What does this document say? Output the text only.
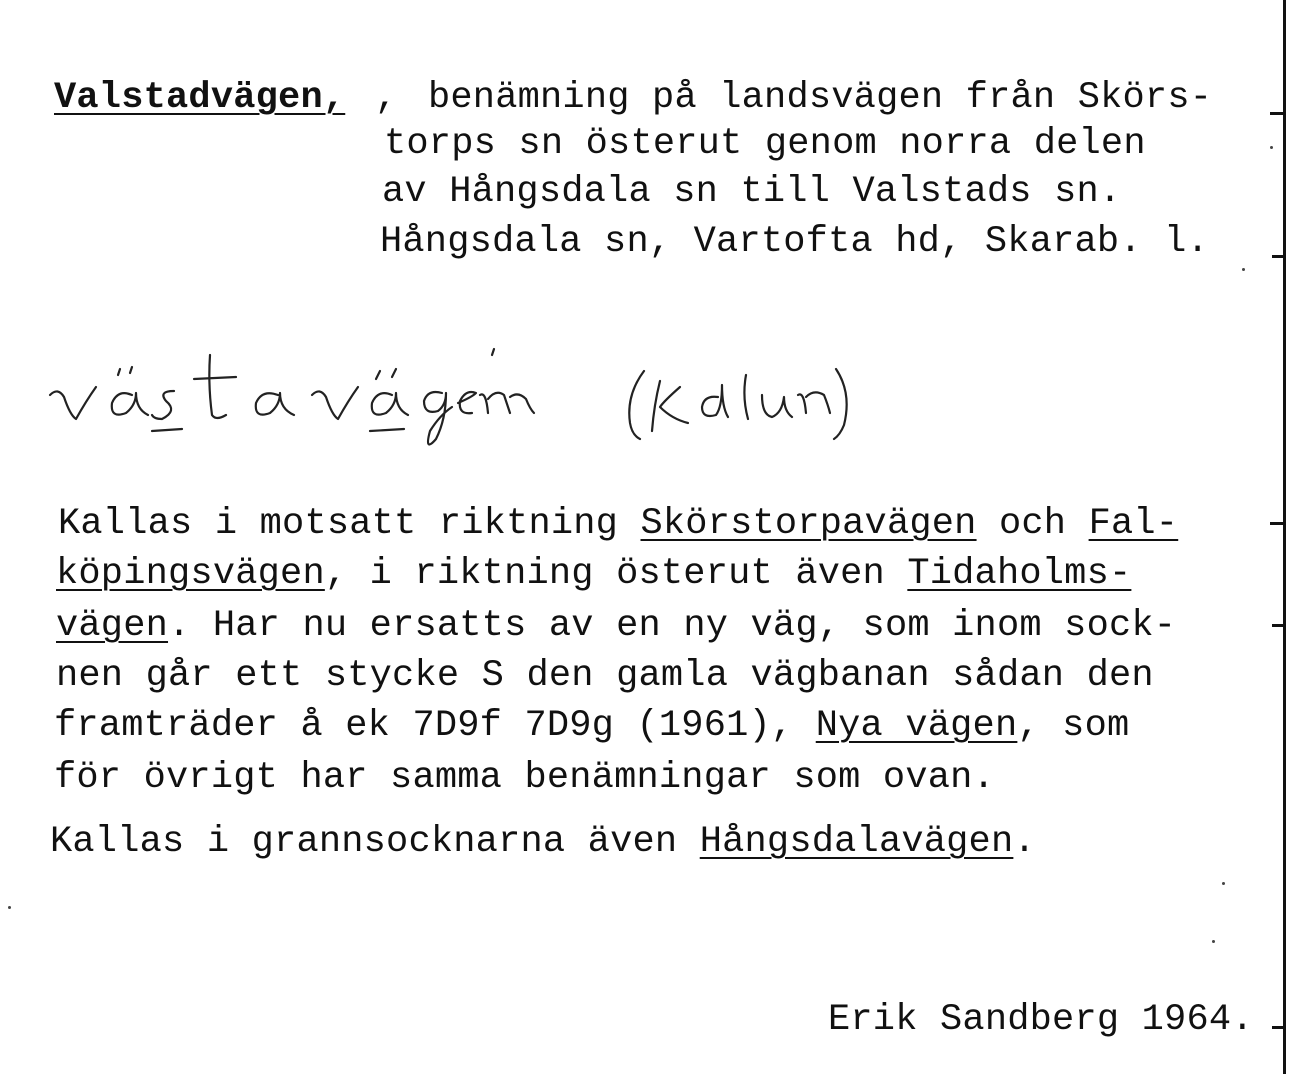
Valstadvägen, , benämning på landsvägen från Skörs-
torps sn österut genom norra delen
av Hångsdala sn till Valstads sn.
Hångsdala sn, Vartofta hd, Skarab. l.
Kallas i motsatt riktning Skörstorpavägen och Fal-
köpingsvägen, i riktning österut även Tidaholms-
vägen. Har nu ersatts av en ny väg, som inom sock-
nen går ett stycke S den gamla vägbanan sådan den
framträder å ek 7D9f 7D9g (1961), Nya vägen, som
för övrigt har samma benämningar som ovan.
Kallas i grannsocknarna även Hångsdalavägen.
Erik Sandberg 1964.
